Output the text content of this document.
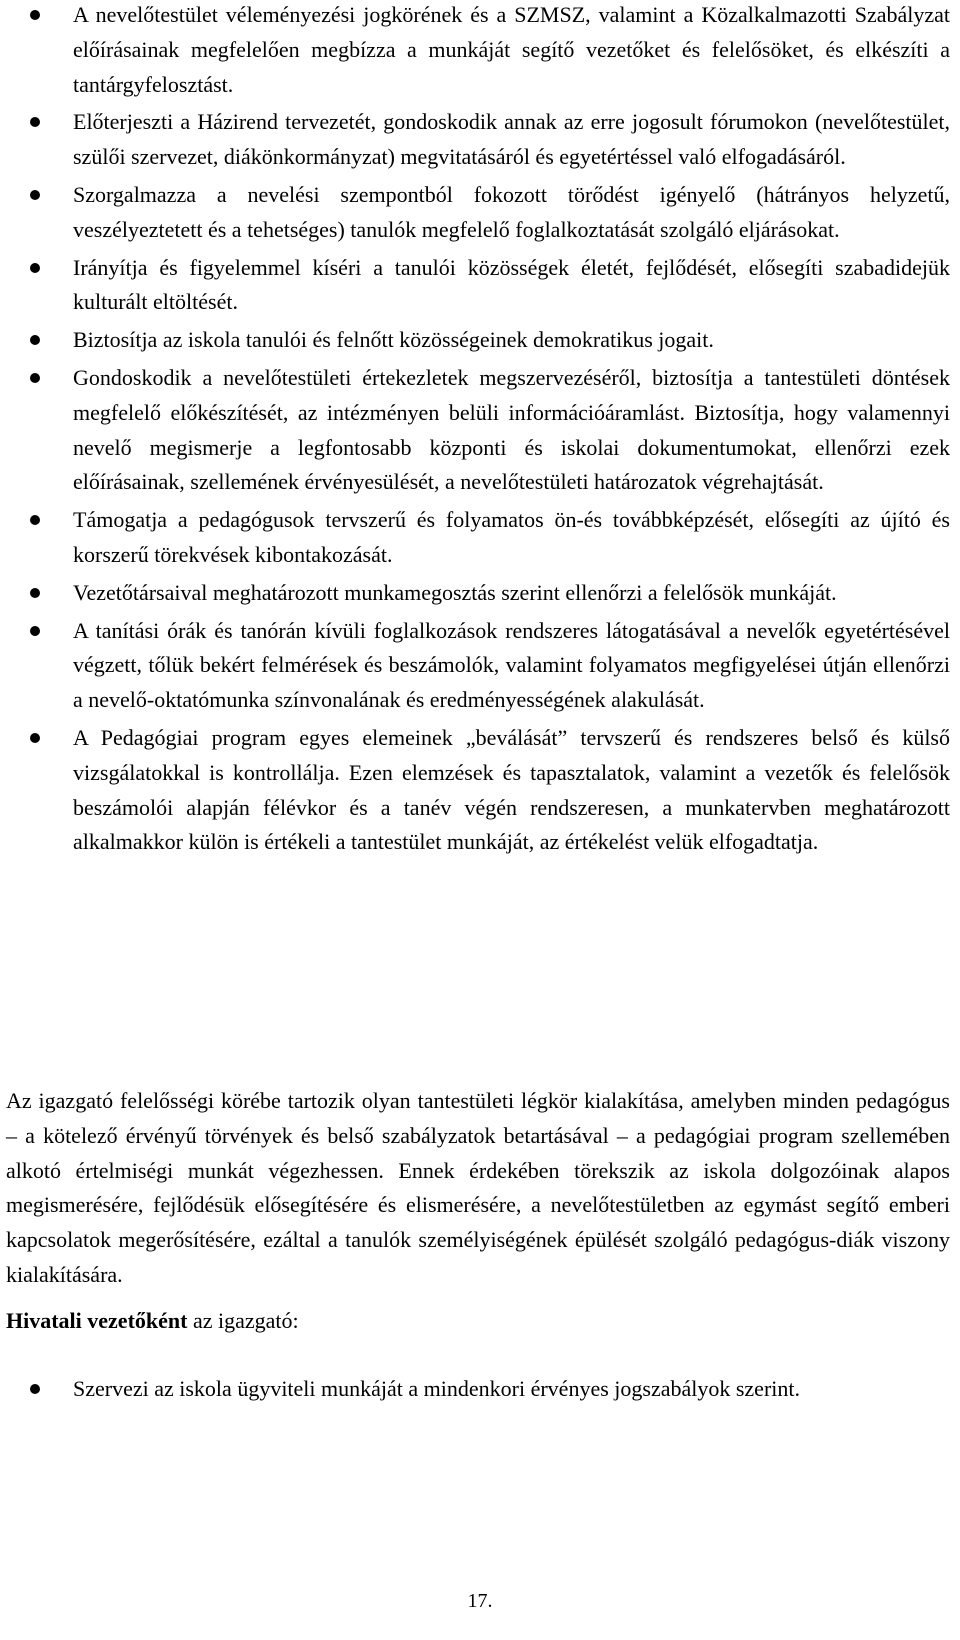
A nevelőtestület véleményezési jogkörének és a SZMSZ, valamint a Közalkalmazotti Szabályzat előírásainak megfelelően megbízza a munkáját segítő vezetőket és felelősöket, és elkészíti a tantárgyfelosztást.
Előterjeszti a Házirend tervezetét, gondoskodik annak az erre jogosult fórumokon (nevelőtestület, szülői szervezet, diákönkormányzat) megvitatásáról és egyetértéssel való elfogadásáról.
Szorgalmazza a nevelési szempontból fokozott törődést igényelő (hátrányos helyzetű, veszélyeztetett és a tehetséges) tanulók megfelelő foglalkoztatását szolgáló eljárásokat.
Irányítja és figyelemmel kíséri a tanulói közösségek életét, fejlődését, elősegíti szabadidejük kulturált eltöltését.
Biztosítja az iskola tanulói és felnőtt közösségeinek demokratikus jogait.
Gondoskodik a nevelőtestületi értekezletek megszervezéséről, biztosítja a tantestületi döntések megfelelő előkészítését, az intézményen belüli információáramlást. Biztosítja, hogy valamennyi nevelő megismerje a legfontosabb központi és iskolai dokumentumokat, ellenőrzi ezek előírásainak, szellemének érvényesülését, a nevelőtestületi határozatok végrehajtását.
Támogatja a pedagógusok tervszerű és folyamatos ön-és továbbképzését, elősegíti az újító és korszerű törekvések kibontakozását.
Vezetőtársaival meghatározott munkamegosztás szerint ellenőrzi a felelősök munkáját.
A tanítási órák és tanórán kívüli foglalkozások rendszeres látogatásával a nevelők egyetértésével végzett, tőlük bekért felmérések és beszámolók, valamint folyamatos megfigyelései útján ellenőrzi a nevelő-oktatómunka színvonalának és eredményességének alakulását.
A Pedagógiai program egyes elemeinek „beválását” tervszerű és rendszeres belső és külső vizsgálatokkal is kontrollálja. Ezen elemzések és tapasztalatok, valamint a vezetők és felelősök beszámolói alapján félévkor és a tanév végén rendszeresen, a munkatervben meghatározott alkalmakkor külön is értékeli a tantestület munkáját, az értékelést velük elfogadtatja.

Az igazgató felelősségi körébe tartozik olyan tantestületi légkör kialakítása, amelyben minden pedagógus – a kötelező érvényű törvények és belső szabályzatok betartásával – a pedagógiai program szellemében alkotó értelmiségi munkát végezhessen. Ennek érdekében törekszik az iskola dolgozóinak alapos megismerésére, fejlődésük elősegítésére és elismerésére, a nevelőtestületben az egymást segítő emberi kapcsolatok megerősítésére, ezáltal a tanulók személyiségének épülését szolgáló pedagógus-diák viszony kialakítására.

Hivatali vezetőként az igazgató:

Szervezi az iskola ügyviteli munkáját a mindenkori érvényes jogszabályok szerint.
17.
